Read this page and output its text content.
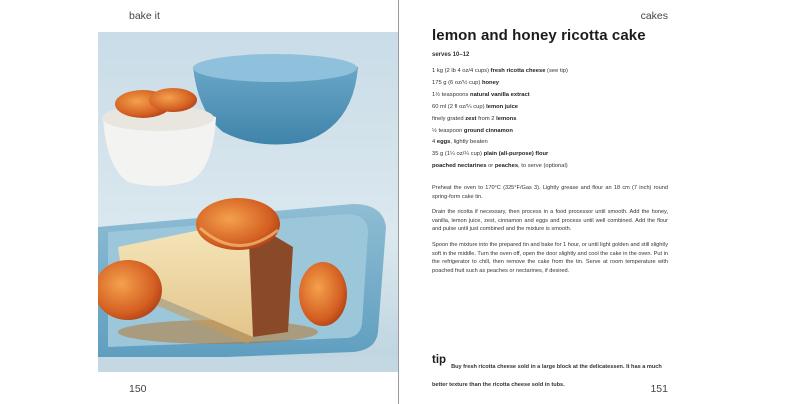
bake it
150
cakes
151
lemon and honey ricotta cake
serves 10–12
1 kg (2 lb 4 oz/4 cups) fresh ricotta cheese (see tip)
175 g (6 oz/½ cup) honey
1½ teaspoons natural vanilla extract
60 ml (2 fl oz/¼ cup) lemon juice
finely grated zest from 2 lemons
½ teaspoon ground cinnamon
4 eggs, lightly beaten
35 g (1¼ oz/¼ cup) plain (all-purpose) flour
poached nectarines or peaches, to serve (optional)

Preheat the oven to 170°C (325°F/Gas 3). Lightly grease and flour an 18 cm (7 inch) round spring-form cake tin.

Drain the ricotta if necessary, then process in a food processor until smooth. Add the honey, vanilla, lemon juice, zest, cinnamon and eggs and process until well combined. Add the flour and pulse until just combined and the mixture is smooth.

Spoon the mixture into the prepared tin and bake for 1 hour, or until light golden and still slightly soft in the middle. Turn the oven off, open the door slightly and cool the cake in the oven. Put in the refrigerator to chill, then remove the cake from the tin. Serve at room temperature with poached fruit such as peaches or nectarines, if desired.

tip
Buy fresh ricotta cheese sold in a large block at the delicatessen. It has a much better texture than the ricotta cheese sold in tubs.
